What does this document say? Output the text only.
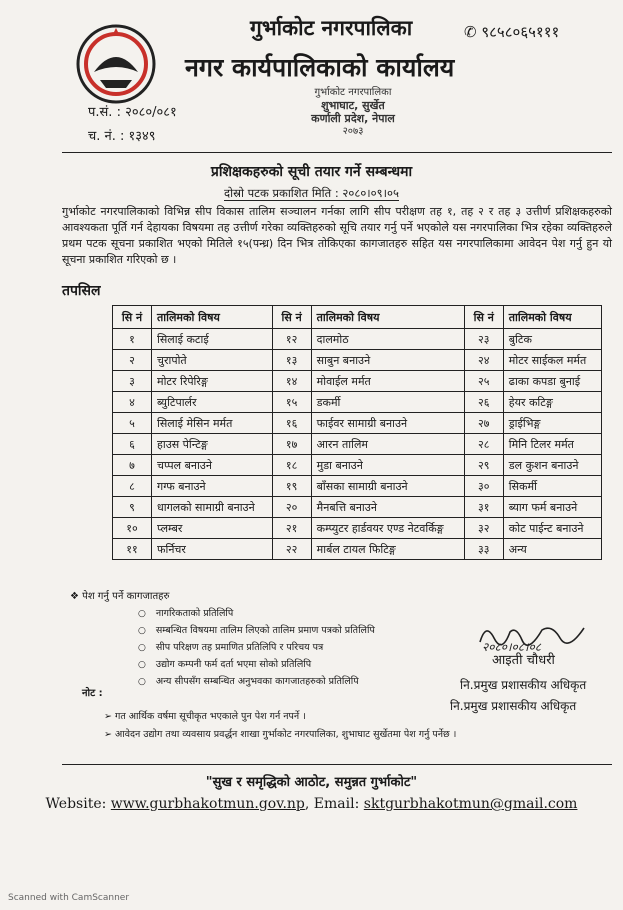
गुर्भाकोट नगरपालिका	✆ ९८५८०६५१११
नगर कार्यपालिकाको कार्यालय
गुर्भाकोट नगरपालिका
शुभाघाट, सुर्खेत
कर्णाली प्रदेश, नेपाल
२०७३
प.सं. : २०८०/०८१
च. नं. : १३४९
प्रशिक्षकहरुको सूची तयार गर्ने सम्बन्धमा
दोस्रो पटक प्रकाशित मिति : २०८०।०९।०५
गुर्भाकोट नगरपालिकाको विभिन्न सीप विकास तालिम सञ्चालन गर्नका लागि सीप परीक्षण तह १, तह २ र तह ३ उत्तीर्ण प्रशिक्षकहरुको आवश्यकता पूर्ति गर्न देहायका विषयमा तह उत्तीर्ण गरेका व्यक्तिहरुको सूचि तयार गर्नु पर्ने भएकोले यस नगरपालिका भित्र रहेका व्यक्तिहरुले प्रथम पटक सूचना प्रकाशित भएको मितिले १५(पन्ध्र) दिन भित्र तोकिएका कागजातहरु सहित यस नगरपालिकामा आवेदन पेश गर्नु हुन यो सूचना प्रकाशित गरिएको छ ।
तपसिल
सि नं	तालिमको विषय	सि नं	तालिमको विषय	सि नं	तालिमको विषय
१	सिलाई कटाई	१२	दालमोठ	२३	बुटिक
२	चुरापोते	१३	साबुन बनाउने	२४	मोटर साईकल मर्मत
३	मोटर रिपेरिङ्ग	१४	मोवाईल मर्मत	२५	ढाका कपडा बुनाई
४	ब्युटिपार्लर	१५	डकर्मी	२६	हेयर कटिङ्ग
५	सिलाई मेसिन मर्मत	१६	फाईवर सामाग्री बनाउने	२७	ड्राईभिङ्ग
६	हाउस पेन्टिङ्ग	१७	आरन तालिम	२८	मिनि टिलर मर्मत
७	चप्पल बनाउने	१८	मुडा बनाउने	२९	डल कुशन बनाउने
८	गग्फ बनाउने	१९	बाँसका सामाग्री बनाउने	३०	सिकर्मी
९	धागलको सामाग्री बनाउने	२०	मैनबत्ति बनाउने	३१	ब्याग फर्म बनाउने
१०	प्लम्बर	२१	कम्प्युटर हार्डवयर एण्ड नेटवर्किङ्ग	३२	कोट पाईन्ट बनाउने
११	फर्निचर	२२	मार्बल टायल फिटिङ्ग	३३	अन्य
❖ पेश गर्नु पर्ने कागजातहरु
○ नागरिकताको प्रतिलिपि
○ सम्बन्धित विषयमा तालिम लिएको तालिम प्रमाण पत्रको प्रतिलिपि
○ सीप परिक्षण तह प्रमाणित प्रतिलिपि र परिचय पत्र
○ उद्योग कम्पनी फर्म दर्ता भएमा सोको प्रतिलिपि
○ अन्य सीपसँग सम्बन्धित अनुभवका कागजातहरुको प्रतिलिपि
२०८०।०८।०८
आइती चौधरी
नि.प्रमुख प्रशासकीय अधिकृत
नि.प्रमुख प्रशासकीय अधिकृत
नोट :
➢ गत आर्थिक वर्षमा सूचीकृत भएकाले पुन पेश गर्न नपर्ने ।
➢ आवेदन उद्योग तथा व्यवसाय प्रवर्द्धन शाखा गुर्भाकोट नगरपालिका, शुभाघाट सुर्खेतमा पेश गर्नु पर्नेछ ।
"सुख र समृद्धिको आठोट, समुन्नत गुर्भाकोट"
Website: www.gurbhakotmun.gov.np, Email: sktgurbhakotmun@gmail.com
Scanned with CamScanner
